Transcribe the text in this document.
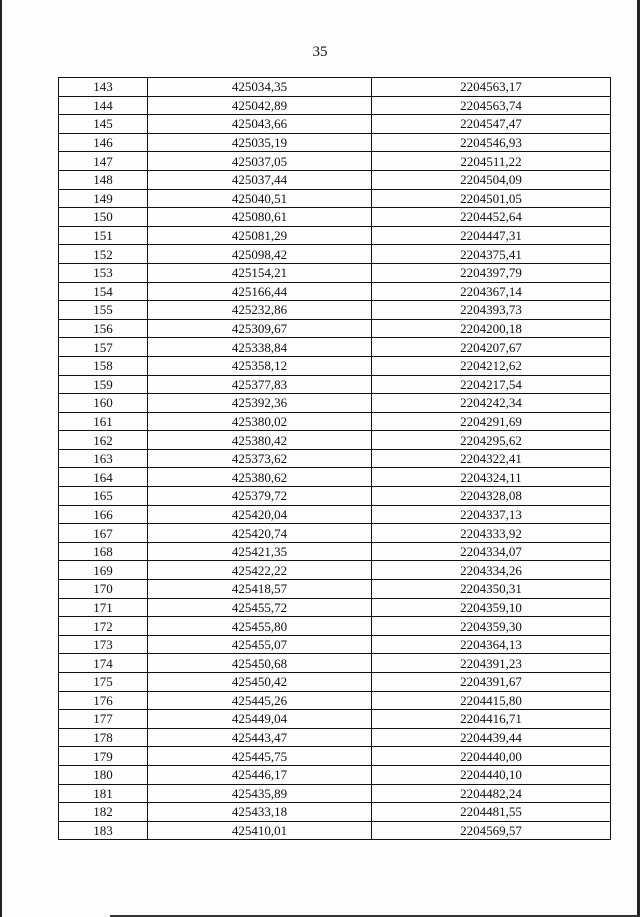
35
143	425034,35	2204563,17
144	425042,89	2204563,74
145	425043,66	2204547,47
146	425035,19	2204546,93
147	425037,05	2204511,22
148	425037,44	2204504,09
149	425040,51	2204501,05
150	425080,61	2204452,64
151	425081,29	2204447,31
152	425098,42	2204375,41
153	425154,21	2204397,79
154	425166,44	2204367,14
155	425232,86	2204393,73
156	425309,67	2204200,18
157	425338,84	2204207,67
158	425358,12	2204212,62
159	425377,83	2204217,54
160	425392,36	2204242,34
161	425380,02	2204291,69
162	425380,42	2204295,62
163	425373,62	2204322,41
164	425380,62	2204324,11
165	425379,72	2204328,08
166	425420,04	2204337,13
167	425420,74	2204333,92
168	425421,35	2204334,07
169	425422,22	2204334,26
170	425418,57	2204350,31
171	425455,72	2204359,10
172	425455,80	2204359,30
173	425455,07	2204364,13
174	425450,68	2204391,23
175	425450,42	2204391,67
176	425445,26	2204415,80
177	425449,04	2204416,71
178	425443,47	2204439,44
179	425445,75	2204440,00
180	425446,17	2204440,10
181	425435,89	2204482,24
182	425433,18	2204481,55
183	425410,01	2204569,57
